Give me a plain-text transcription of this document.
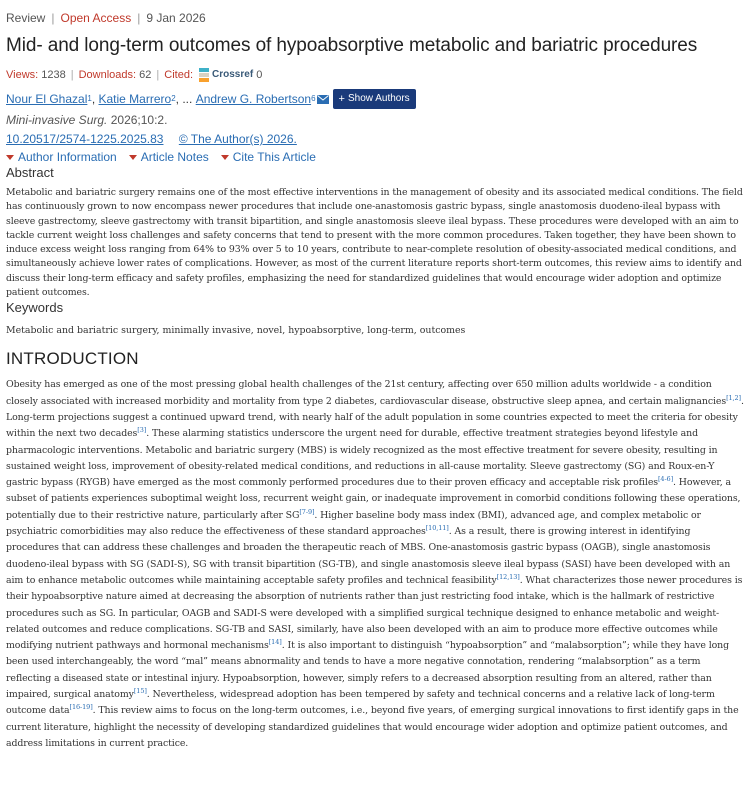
Review | Open Access | 9 Jan 2026
Mid- and long-term outcomes of hypoabsorptive metabolic and bariatric procedures
Views:
1238 | Downloads:
62 | Cited: Crossref
0
Nour El Ghazal 1 , Katie Marrero 2 , ...
Andrew G. Robertson 6 + Show Authors
Mini-invasive Surg. 2026;10:2.
10.20517/2574-1225.2025.83 © The Author(s) 2026.
Author Information Article Notes Cite This Article
Abstract
Metabolic and bariatric surgery remains one of the most effective interventions in the management of obesity and its associated medical conditions. The field has continuously grown to now encompass newer procedures that include one-anastomosis gastric bypass, single anastomosis duodeno-ileal bypass with sleeve gastrectomy, sleeve gastrectomy with transit bipartition, and single anastomosis sleeve ileal bypass. These procedures were developed with an aim to tackle current weight loss challenges and safety concerns that tend to present with the more common procedures. Taken together, they have been shown to induce excess weight loss ranging from 64% to 93% over 5 to 10 years, contribute to near-complete resolution of obesity-associated medical conditions, and simultaneously achieve lower rates of complications. However, as most of the current literature reports short-term outcomes, this review aims to identify and discuss their long-term efficacy and safety profiles, emphasizing the need for standardized guidelines that would encourage wider adoption and optimize patient outcomes.
Keywords
Metabolic and bariatric surgery, minimally invasive, novel, hypoabsorptive, long-term, outcomes
INTRODUCTION
Obesity has emerged as one of the most pressing global health challenges of the 21st century, affecting over 650 million adults worldwide - a condition closely associated with increased morbidity and mortality from type 2 diabetes, cardiovascular disease, obstructive sleep apnea, and certain malignancies[1,2]. Long-term projections suggest a continued upward trend, with nearly half of the adult population in some countries expected to meet the criteria for obesity within the next two decades[3]. These alarming statistics underscore the urgent need for durable, effective treatment strategies beyond lifestyle and pharmacologic interventions. Metabolic and bariatric surgery (MBS) is widely recognized as the most effective treatment for severe obesity, resulting in sustained weight loss, improvement of obesity-related medical conditions, and reductions in all-cause mortality. Sleeve gastrectomy (SG) and Roux-en-Y gastric bypass (RYGB) have emerged as the most commonly performed procedures due to their proven efficacy and acceptable risk profiles[4-6]. However, a subset of patients experiences suboptimal weight loss, recurrent weight gain, or inadequate improvement in comorbid conditions following these operations, potentially due to their restrictive nature, particularly after SG[7-9]. Higher baseline body mass index (BMI), advanced age, and complex metabolic or psychiatric comorbidities may also reduce the effectiveness of these standard approaches[10,11]. As a result, there is growing interest in identifying procedures that can address these challenges and broaden the therapeutic reach of MBS. One-anastomosis gastric bypass (OAGB), single anastomosis duodeno-ileal bypass with SG (SADI-S), SG with transit bipartition (SG-TB), and single anastomosis sleeve ileal bypass (SASI) have been developed with an aim to enhance metabolic outcomes while maintaining acceptable safety profiles and technical feasibility[12,13]. What characterizes those newer procedures is their hypoabsorptive nature aimed at decreasing the absorption of nutrients rather than just restricting food intake, which is the hallmark of restrictive procedures such as SG. In particular, OAGB and SADI-S were developed with a simplified surgical technique designed to enhance metabolic and weight-related outcomes and reduce complications. SG-TB and SASI, similarly, have also been developed with an aim to produce more effective outcomes while modifying nutrient pathways and hormonal mechanisms[14]. It is also important to distinguish “hypoabsorption” and “malabsorption”; while they have long been used interchangeably, the word “mal” means abnormality and tends to have a more negative connotation, rendering “malabsorption” as a term reflecting a diseased state or intestinal injury. Hypoabsorption, however, simply refers to a decreased absorption resulting from an altered, rather than impaired, surgical anatomy[15]. Nevertheless, widespread adoption has been tempered by safety and technical concerns and a relative lack of long-term outcome data[16-19]. This review aims to focus on the long-term outcomes, i.e., beyond five years, of emerging surgical innovations to first identify gaps in the current literature, highlight the necessity of developing standardized guidelines that would encourage wider adoption and optimize patient outcomes, and address limitations in current practice.
